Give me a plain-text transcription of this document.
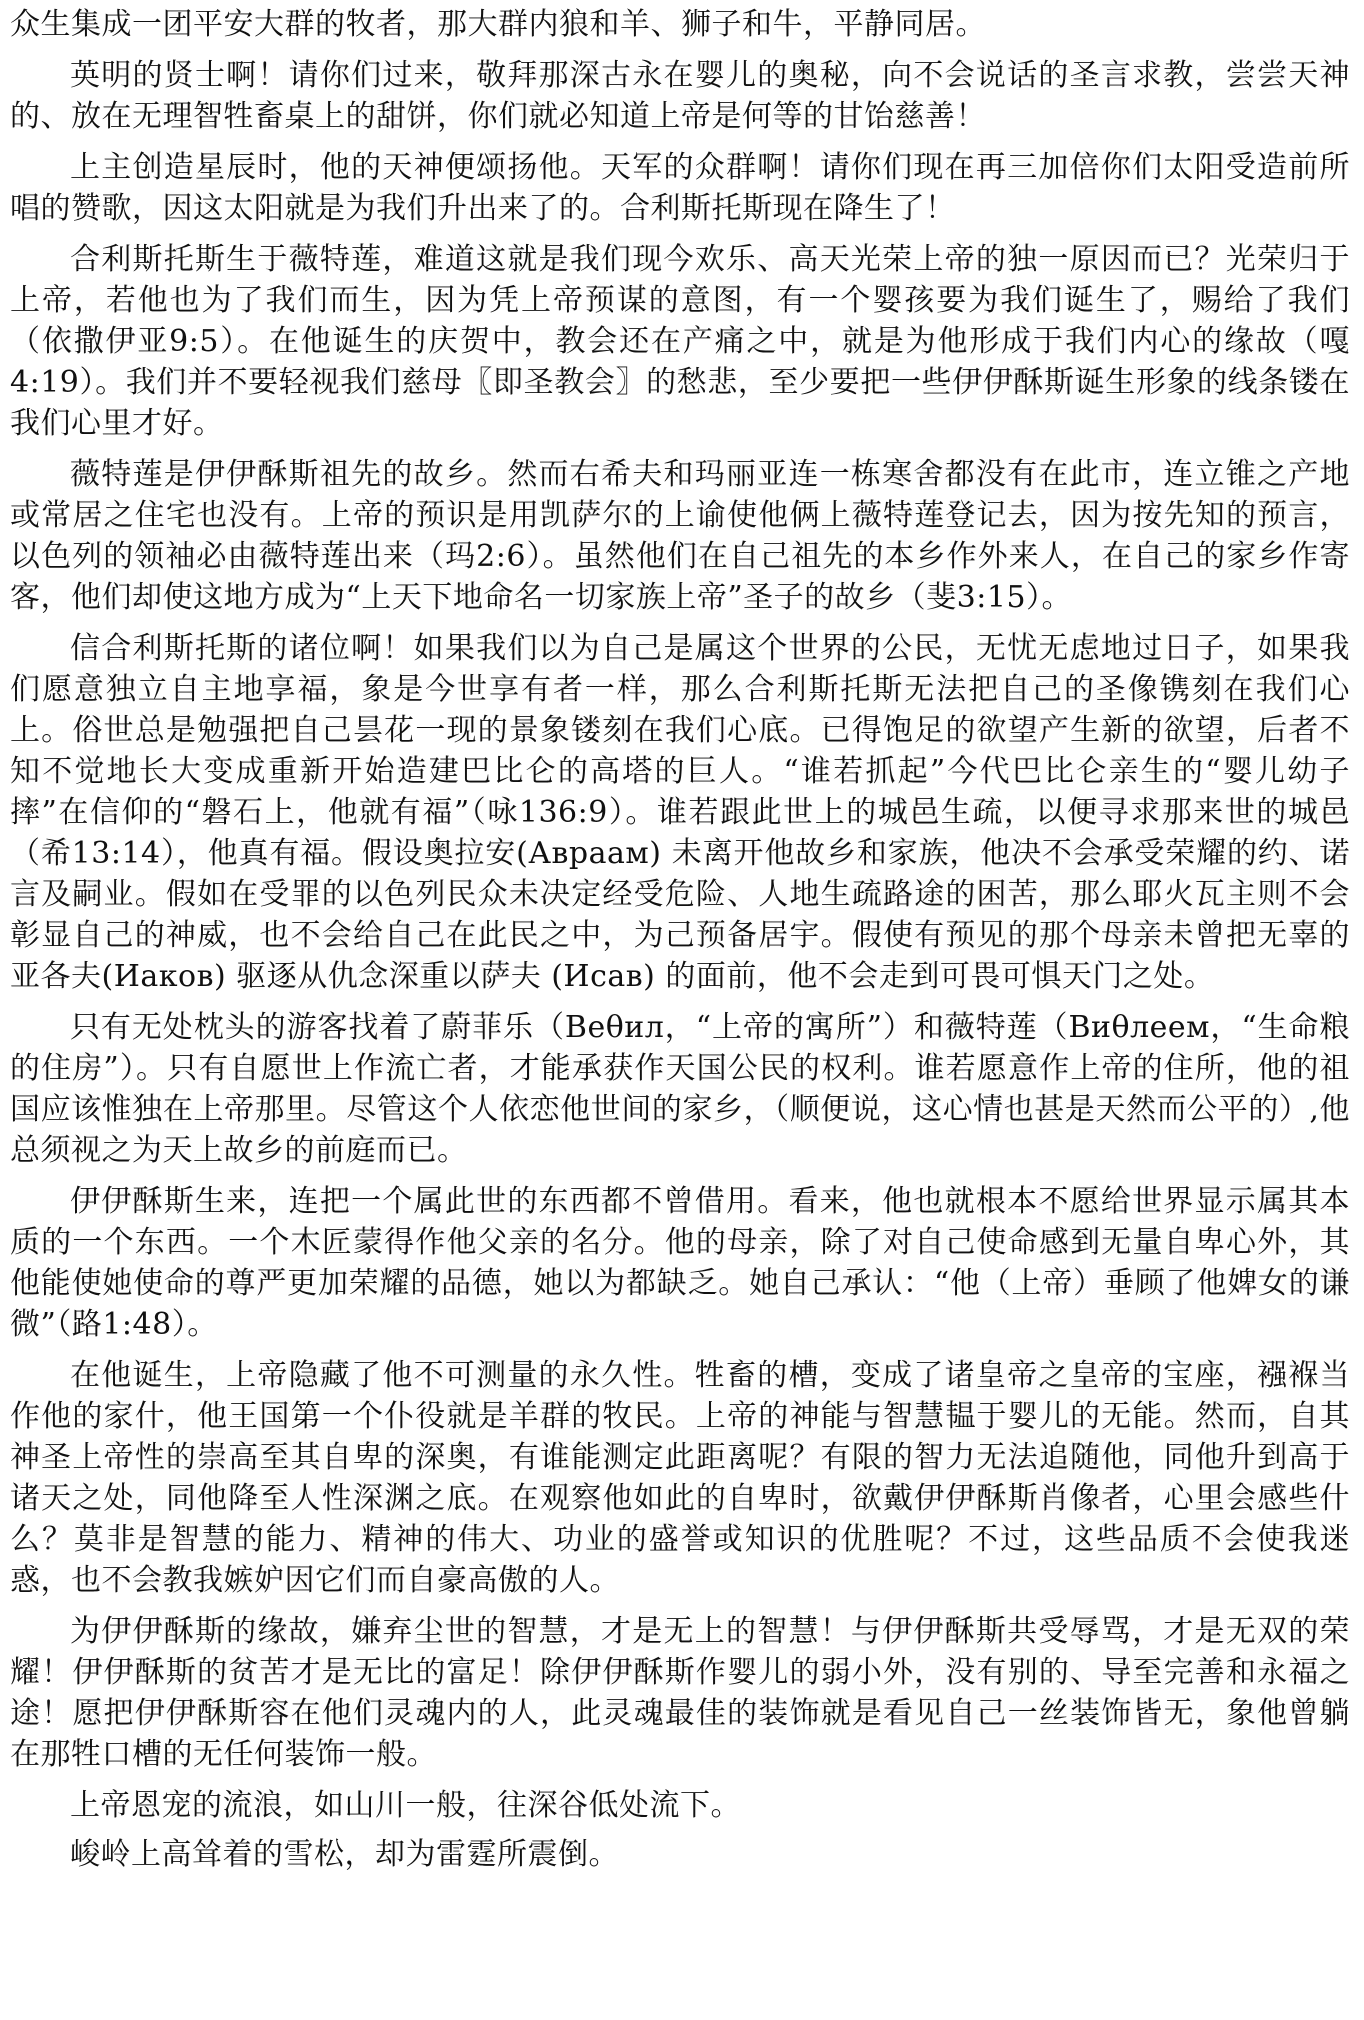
众生集成一团平安大群的牧者，那大群内狼和羊、狮子和牛，平静同居。

英明的贤士啊！请你们过来，敬拜那深古永在婴儿的奥秘，向不会说话的圣言求教，尝尝天神的、放在无理智牲畜桌上的甜饼，你们就必知道上帝是何等的甘饴慈善！

上主创造星辰时，他的天神便颂扬他。天军的众群啊！请你们现在再三加倍你们太阳受造前所唱的赞歌，因这太阳就是为我们升出来了的。合利斯托斯现在降生了！

合利斯托斯生于薇特莲，难道这就是我们现今欢乐、高天光荣上帝的独一原因而已？光荣归于上帝，若他也为了我们而生，因为凭上帝预谋的意图，有一个婴孩要为我们诞生了，赐给了我们（依撒伊亚9:5）。在他诞生的庆贺中，教会还在产痛之中，就是为他形成于我们内心的缘故（嘎4:19）。我们并不要轻视我们慈母〖即圣教会〗的愁悲，至少要把一些伊伊酥斯诞生形象的线条镂在我们心里才好。

薇特莲是伊伊酥斯祖先的故乡。然而右希夫和玛丽亚连一栋寒舍都没有在此市，连立锥之产地或常居之住宅也没有。上帝的预识是用凯萨尔的上谕使他俩上薇特莲登记去，因为按先知的预言，以色列的领袖必由薇特莲出来（玛2:6）。虽然他们在自己祖先的本乡作外来人，在自己的家乡作寄客，他们却使这地方成为“上天下地命名一切家族上帝”圣子的故乡（斐3:15）。

信合利斯托斯的诸位啊！如果我们以为自己是属这个世界的公民，无忧无虑地过日子，如果我们愿意独立自主地享福，象是今世享有者一样，那么合利斯托斯无法把自己的圣像镌刻在我们心上。俗世总是勉强把自己昙花一现的景象镂刻在我们心底。已得饱足的欲望产生新的欲望，后者不知不觉地长大变成重新开始造建巴比仑的高塔的巨人。“谁若抓起”今代巴比仑亲生的“婴儿幼子摔”在信仰的“磐石上，他就有福”（咏136:9）。谁若跟此世上的城邑生疏，以便寻求那来世的城邑（希13:14），他真有福。假设奥拉安(Авраам) 未离开他故乡和家族，他决不会承受荣耀的约、诺言及嗣业。假如在受罪的以色列民众未决定经受危险、人地生疏路途的困苦，那么耶火瓦主则不会彰显自己的神威，也不会给自己在此民之中，为己预备居宇。假使有预见的那个母亲未曾把无辜的亚各夫(Иаков) 驱逐从仇念深重以萨夫 (Исав) 的面前，他不会走到可畏可惧天门之处。

只有无处枕头的游客找着了蔚菲乐（Веθил，“上帝的寓所”）和薇特莲（Виθлеем，“生命粮的住房”）。只有自愿世上作流亡者，才能承获作天国公民的权利。谁若愿意作上帝的住所，他的祖国应该惟独在上帝那里。尽管这个人依恋他世间的家乡，（顺便说，这心情也甚是天然而公平的）,他总须视之为天上故乡的前庭而已。

伊伊酥斯生来，连把一个属此世的东西都不曾借用。看来，他也就根本不愿给世界显示属其本质的一个东西。一个木匠蒙得作他父亲的名分。他的母亲，除了对自己使命感到无量自卑心外，其他能使她使命的尊严更加荣耀的品德，她以为都缺乏。她自己承认：“他（上帝）垂顾了他婢女的谦微”（路1:48）。

在他诞生，上帝隐藏了他不可测量的永久性。牲畜的槽，变成了诸皇帝之皇帝的宝座，襁褓当作他的家什，他王国第一个仆役就是羊群的牧民。上帝的神能与智慧韫于婴儿的无能。然而，自其神圣上帝性的崇高至其自卑的深奥，有谁能测定此距离呢？有限的智力无法追随他，同他升到高于诸天之处，同他降至人性深渊之底。在观察他如此的自卑时，欲戴伊伊酥斯肖像者，心里会感些什么？莫非是智慧的能力、精神的伟大、功业的盛誉或知识的优胜呢？不过，这些品质不会使我迷惑，也不会教我嫉妒因它们而自豪高傲的人。

为伊伊酥斯的缘故，嫌弃尘世的智慧，才是无上的智慧！与伊伊酥斯共受辱骂，才是无双的荣耀！伊伊酥斯的贫苦才是无比的富足！除伊伊酥斯作婴儿的弱小外，没有别的、导至完善和永福之途！愿把伊伊酥斯容在他们灵魂内的人，此灵魂最佳的装饰就是看见自己一丝装饰皆无，象他曾躺在那牲口槽的无任何装饰一般。

上帝恩宠的流浪，如山川一般，往深谷低处流下。

峻岭上高耸着的雪松，却为雷霆所震倒。
